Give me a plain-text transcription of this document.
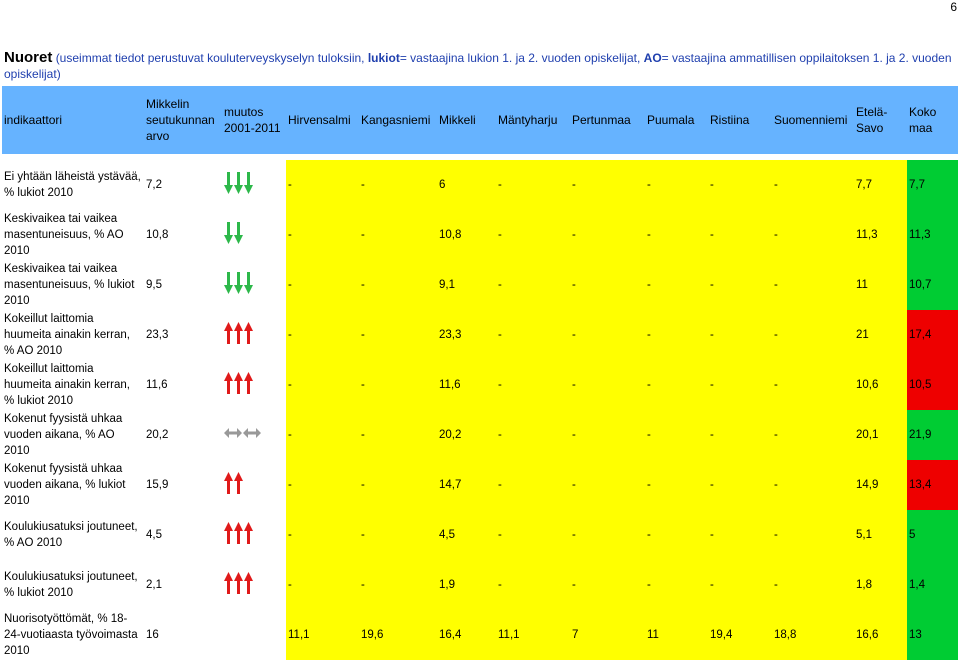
6
Nuoret (useimmat tiedot perustuvat kouluterveyskyselyn tuloksiin, lukiot= vastaajina lukion 1. ja 2. vuoden opiskelijat, AO= vastaajina ammatillisen oppilaitoksen 1. ja 2. vuoden opiskelijat)
indikaattori	Mikkelin seutukunnan arvo	muutos 2001-2011	Hirvensalmi	Kangasniemi	Mikkeli	Mäntyharju	Pertunmaa	Puumala	Ristiina	Suomenniemi	Etelä-Savo	Koko maa

Ei yhtään läheistä ystävää, % lukiot 2010	7,2		-	-	6	-	-	-	-	-	7,7	7,7
Keskivaikea tai vaikea masentuneisuus, % AO 2010	10,8		-	-	10,8	-	-	-	-	-	11,3	11,3
Keskivaikea tai vaikea masentuneisuus, % lukiot 2010	9,5		-	-	9,1	-	-	-	-	-	11	10,7
Kokeillut laittomia huumeita ainakin kerran, % AO 2010	23,3		-	-	23,3	-	-	-	-	-	21	17,4
Kokeillut laittomia huumeita ainakin kerran, % lukiot 2010	11,6		-	-	11,6	-	-	-	-	-	10,6	10,5
Kokenut fyysistä uhkaa vuoden aikana, % AO 2010	20,2		-	-	20,2	-	-	-	-	-	20,1	21,9
Kokenut fyysistä uhkaa vuoden aikana, % lukiot 2010	15,9		-	-	14,7	-	-	-	-	-	14,9	13,4
Koulukiusatuksi joutuneet, % AO 2010	4,5		-	-	4,5	-	-	-	-	-	5,1	5
Koulukiusatuksi joutuneet, % lukiot 2010	2,1		-	-	1,9	-	-	-	-	-	1,8	1,4
Nuorisotyöttömät, % 18-24-vuotiaasta työvoimasta 2010	16		11,1	19,6	16,4	11,1	7	11	19,4	18,8	16,6	13
